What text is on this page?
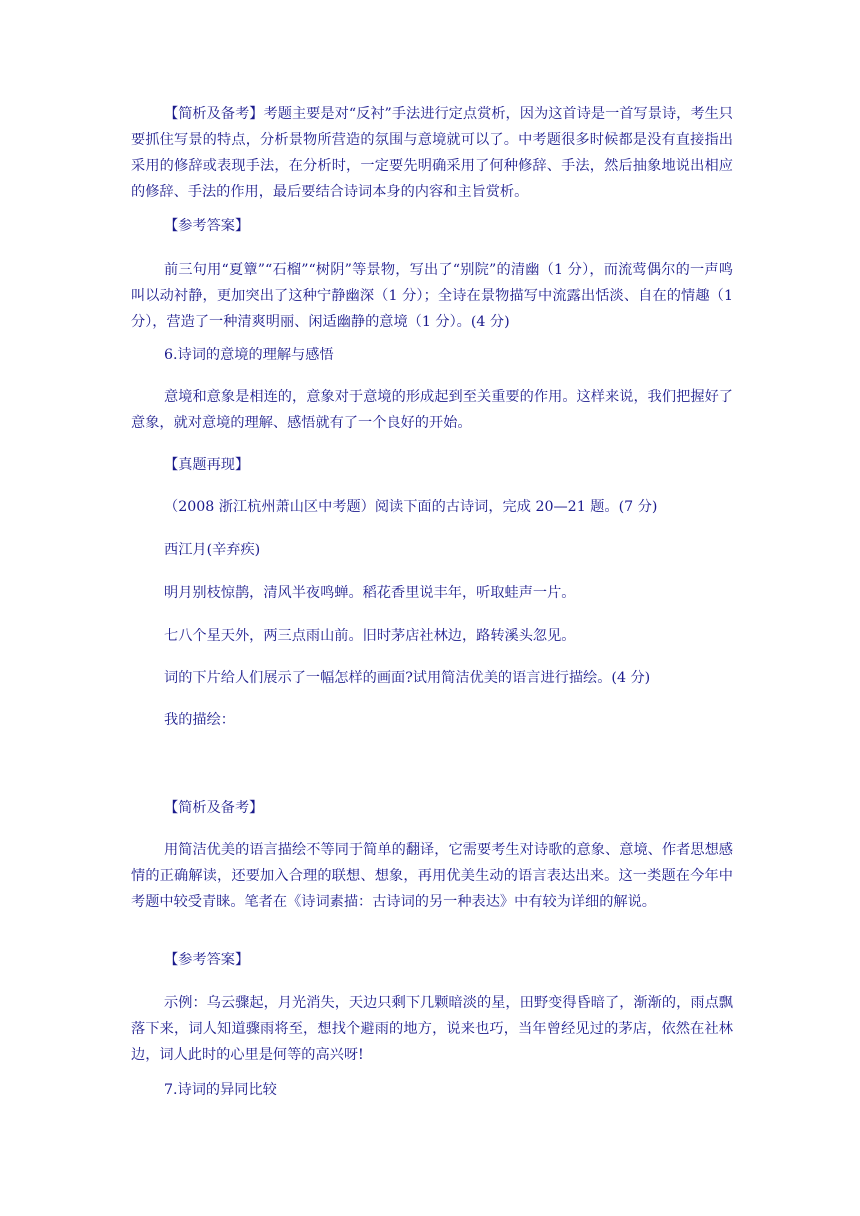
【简析及备考】考题主要是对“反衬”手法进行定点赏析，因为这首诗是一首写景诗，考生只要抓住写景的特点，分析景物所营造的氛围与意境就可以了。中考题很多时候都是没有直接指出采用的修辞或表现手法，在分析时，一定要先明确采用了何种修辞、手法，然后抽象地说出相应的修辞、手法的作用，最后要结合诗词本身的内容和主旨赏析。
【参考答案】
前三句用“夏簟”“石榴”“树阴”等景物，写出了“别院”的清幽（1 分），而流莺偶尔的一声鸣叫以动衬静，更加突出了这种宁静幽深（1 分）；全诗在景物描写中流露出恬淡、自在的情趣（1 分），营造了一种清爽明丽、闲适幽静的意境（1 分）。(4 分)
6.诗词的意境的理解与感悟
意境和意象是相连的，意象对于意境的形成起到至关重要的作用。这样来说，我们把握好了意象，就对意境的理解、感悟就有了一个良好的开始。
【真题再现】
（2008 浙江杭州萧山区中考题）阅读下面的古诗词，完成 20—21 题。(7 分)
西江月(辛弃疾)
明月别枝惊鹊，清风半夜鸣蝉。稻花香里说丰年，听取蛙声一片。
七八个星天外，两三点雨山前。旧时茅店社林边，路转溪头忽见。
词的下片给人们展示了一幅怎样的画面?试用简洁优美的语言进行描绘。(4 分)
我的描绘：
【简析及备考】
用简洁优美的语言描绘不等同于简单的翻译，它需要考生对诗歌的意象、意境、作者思想感情的正确解读，还要加入合理的联想、想象，再用优美生动的语言表达出来。这一类题在今年中考题中较受青睐。笔者在《诗词素描：古诗词的另一种表达》中有较为详细的解说。
【参考答案】
示例：乌云骤起，月光消失，天边只剩下几颗暗淡的星，田野变得昏暗了，渐渐的，雨点飘落下来，词人知道骤雨将至，想找个避雨的地方，说来也巧，当年曾经见过的茅店，依然在社林边，词人此时的心里是何等的高兴呀!
7.诗词的异同比较
